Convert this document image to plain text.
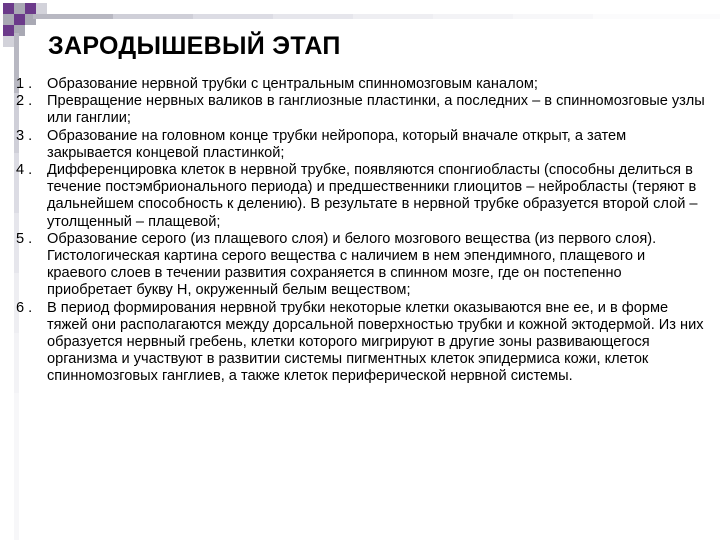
ЗАРОДЫШЕВЫЙ ЭТАП
1 . Образование нервной трубки с центральным спинномозговым каналом;
2 . Превращение нервных валиков в ганглиозные пластинки, а последних – в спинномозговые узлы или ганглии;
3 . Образование на головном конце трубки нейропора, который вначале открыт, а затем закрывается концевой пластинкой;
4 . Дифференцировка клеток в нервной трубке, появляются спонгиобласты (способны делиться в течение постэмбрионального периода) и предшественники глиоцитов – нейробласты (теряют в дальнейшем способность к делению). В результате в нервной трубке образуется второй слой – утолщенный – плащевой;
5 . Образование серого (из плащевого слоя) и белого мозгового вещества (из первого слоя). Гистологическая картина серого вещества с наличием в нем эпендимного, плащевого и краевого слоев в течении развития сохраняется в спинном мозге, где он постепенно приобретает букву Н, окруженный белым веществом;
6 . В период формирования нервной трубки некоторые клетки оказываются вне ее, и в форме тяжей они располагаются между дорсальной поверхностью трубки и кожной эктодермой. Из них образуется нервный гребень, клетки которого мигрируют в другие зоны развивающегося организма и участвуют в развитии системы пигментных клеток эпидермиса кожи, клеток спинномозговых ганглиев, а также клеток периферической нервной системы.
